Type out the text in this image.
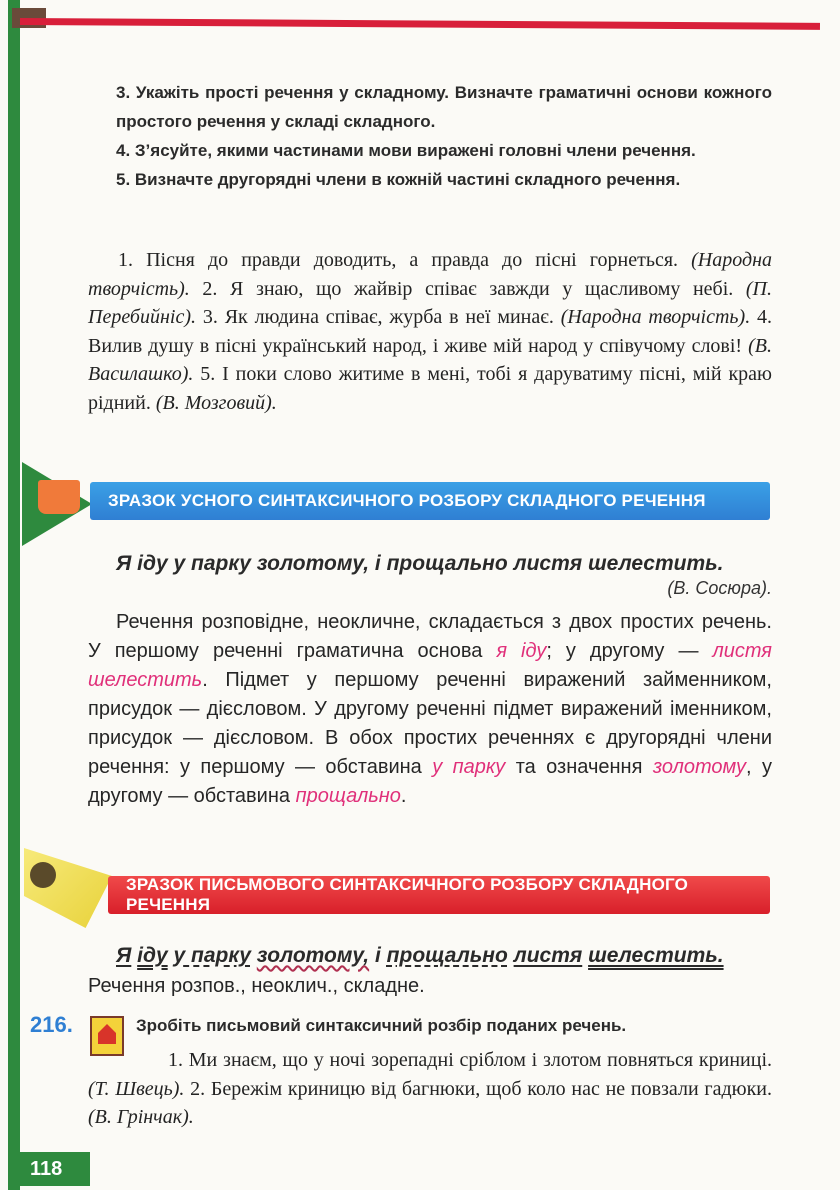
3. Укажіть прості речення у складному. Визначте граматичні основи кожного простого речення у складі складного.

4. З’ясуйте, якими частинами мови виражені головні члени речення.

5. Визначте другорядні члени в кожній частині складного речення.

1. Пісня до правди доводить, а правда до пісні горнеться. (Народна творчість). 2. Я знаю, що жайвір співає завжди у щасливому небі. (П. Перебийніс). 3. Як людина співає, журба в неї минає. (Народна творчість). 4. Вилив душу в пісні український народ, і живе мій народ у співучому слові! (В. Василашко). 5. І поки слово житиме в мені, тобі я даруватиму пісні, мій краю рідний. (В. Мозговий).

ЗРАЗОК УСНОГО СИНТАКСИЧНОГО РОЗБОРУ СКЛАДНОГО РЕЧЕННЯ

Я іду у парку золотому, і прощально листя шелестить.

(В. Сосюра).

Речення розповідне, неокличне, складається з двох простих речень. У першому реченні граматична основа я іду; у другому — листя шелестить. Підмет у першому реченні виражений займенником, присудок — дієсловом. У другому реченні підмет виражений іменником, присудок — дієсловом. В обох простих реченнях є другорядні члени речення: у першому — обставина у парку та означення золотому, у другому — обставина прощально.

ЗРАЗОК ПИСЬМОВОГО СИНТАКСИЧНОГО РОЗБОРУ СКЛАДНОГО РЕЧЕННЯ

Я іду у парку золотому, і прощально листя шелестить.

Речення розпов., неоклич., складне.

216.	Зробіть письмовий синтаксичний розбір поданих речень.

1. Ми знаєм, що у ночі зорепадні сріблом і злотом повняться криниці. (Т. Швець). 2. Бережім криницю від багнюки, щоб коло нас не повзали гадюки. (В. Грінчак).

118
